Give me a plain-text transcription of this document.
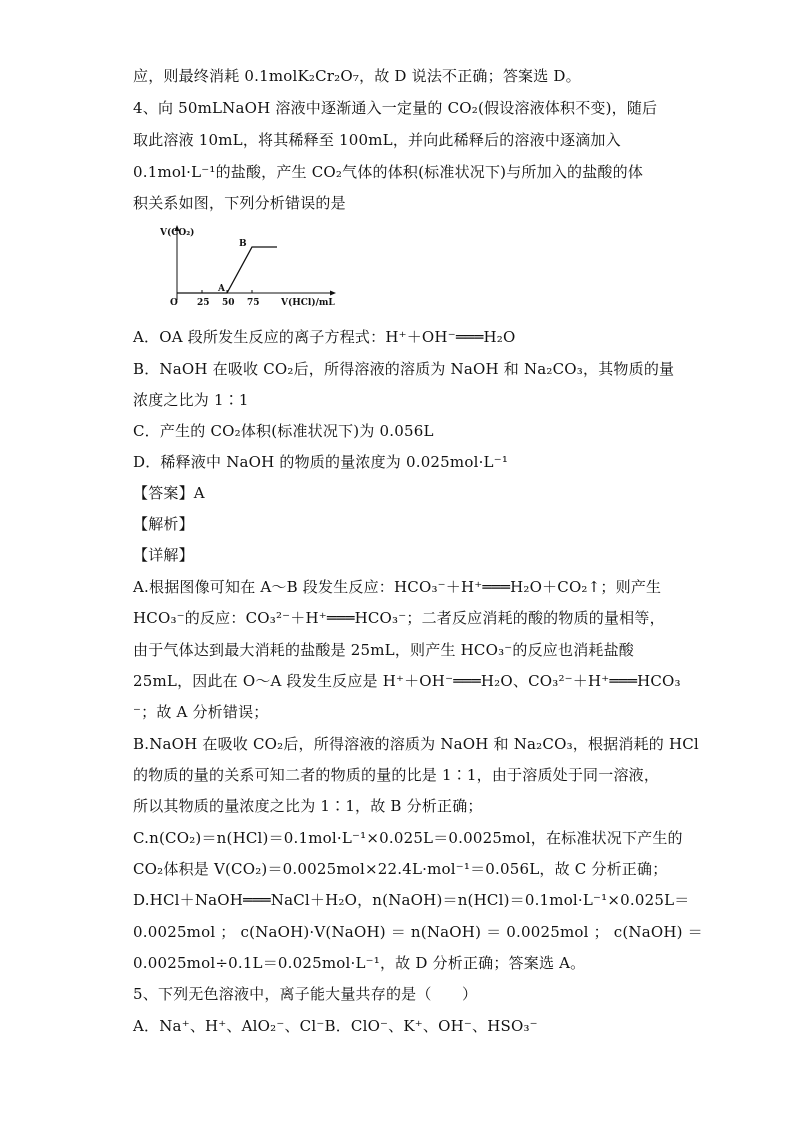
应，则最终消耗 0.1molK₂Cr₂O₇，故 D 说法不正确；答案选 D。
4、向 50mLNaOH 溶液中逐渐通入一定量的 CO₂(假设溶液体积不变)，随后
取此溶液 10mL，将其稀释至 100mL，并向此稀释后的溶液中逐滴加入
0.1mol·L⁻¹的盐酸，产生 CO₂气体的体积(标准状况下)与所加入的盐酸的体
积关系如图，下列分析错误的是
25 50 75
V(CO₂)
O
A
B
V(HCl)/mL
A．OA 段所发生反应的离子方程式：H⁺＋OH⁻═══H₂O
B．NaOH 在吸收 CO₂后，所得溶液的溶质为 NaOH 和 Na₂CO₃，其物质的量
浓度之比为 1∶1
C．产生的 CO₂体积(标准状况下)为 0.056L
D．稀释液中 NaOH 的物质的量浓度为 0.025mol·L⁻¹
【答案】A
【解析】
【详解】
A.根据图像可知在 A～B 段发生反应：HCO₃⁻＋H⁺═══H₂O＋CO₂↑；则产生
HCO₃⁻的反应：CO₃²⁻＋H⁺═══HCO₃⁻；二者反应消耗的酸的物质的量相等，
由于气体达到最大消耗的盐酸是 25mL，则产生 HCO₃⁻的反应也消耗盐酸
25mL，因此在 O～A 段发生反应是 H⁺＋OH⁻═══H₂O、CO₃²⁻＋H⁺═══HCO₃
⁻；故 A 分析错误；
B.NaOH 在吸收 CO₂后，所得溶液的溶质为 NaOH 和 Na₂CO₃，根据消耗的 HCl
的物质的量的关系可知二者的物质的量的比是 1∶1，由于溶质处于同一溶液，
所以其物质的量浓度之比为 1∶1，故 B 分析正确；
C.n(CO₂)＝n(HCl)＝0.1mol·L⁻¹×0.025L＝0.0025mol，在标准状况下产生的
CO₂体积是 V(CO₂)＝0.0025mol×22.4L·mol⁻¹＝0.056L，故 C 分析正确；
D.HCl＋NaOH═══NaCl＋H₂O，n(NaOH)＝n(HCl)＝0.1mol·L⁻¹×0.025L＝
0.0025mol ； c(NaOH)·V(NaOH) ＝ n(NaOH) ＝ 0.0025mol ； c(NaOH) ＝
0.0025mol÷0.1L＝0.025mol·L⁻¹，故 D 分析正确；答案选 A。
5、下列无色溶液中，离子能大量共存的是（　　）
A．Na⁺、H⁺、AlO₂⁻、Cl⁻B．ClO⁻、K⁺、OH⁻、HSO₃⁻
